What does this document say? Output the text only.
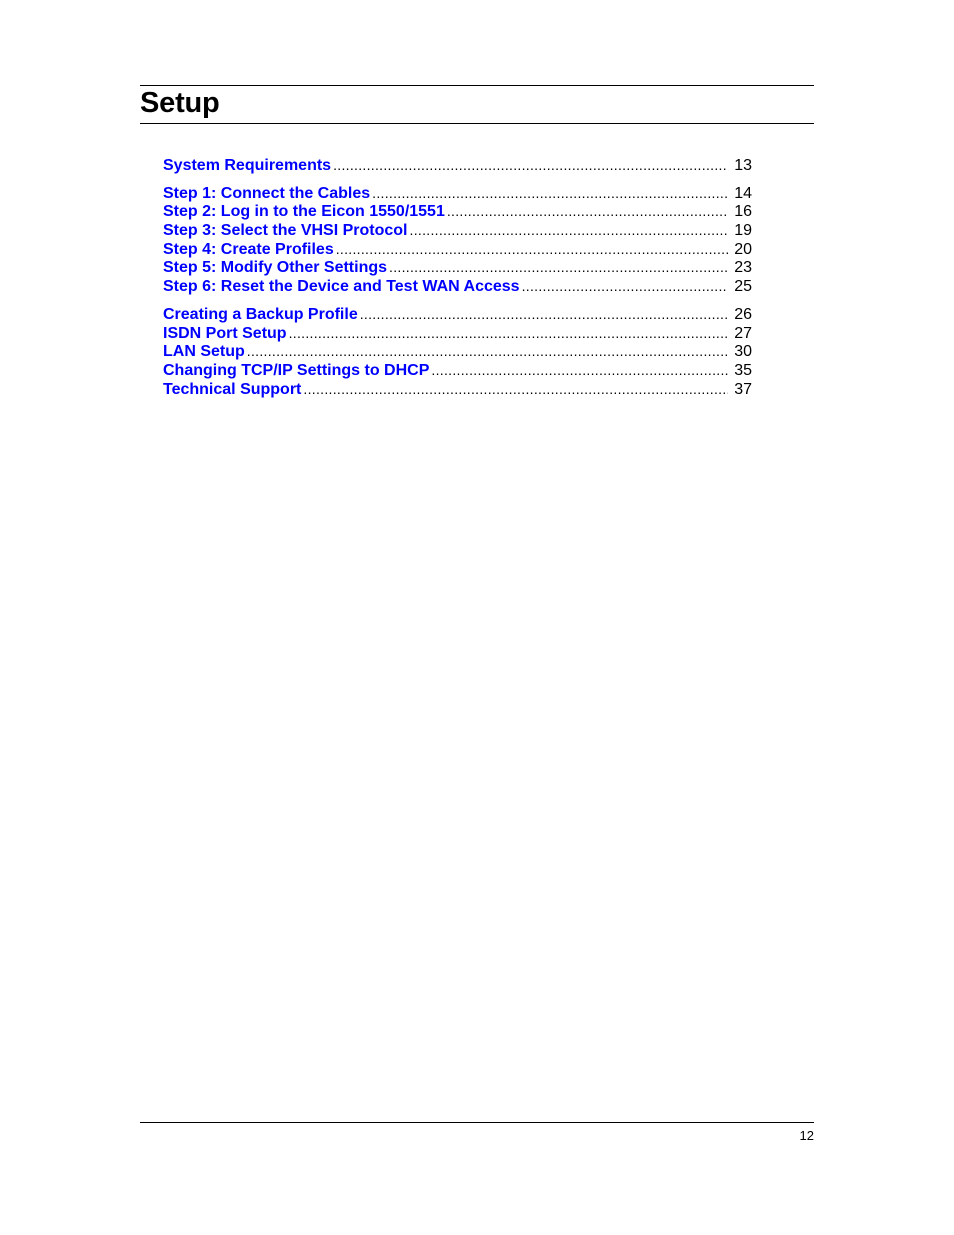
Setup
System Requirements .....	13
Step 1: Connect the Cables .....	14
Step 2: Log in to the Eicon 1550/1551 .....	16
Step 3: Select the VHSI Protocol .....	19
Step 4: Create Profiles .....	20
Step 5: Modify Other Settings .....	23
Step 6: Reset the Device and Test WAN Access .....	25
Creating a Backup Profile .....	26
ISDN Port Setup .....	27
LAN Setup .....	30
Changing TCP/IP Settings to DHCP .....	35
Technical Support .....	37
12
